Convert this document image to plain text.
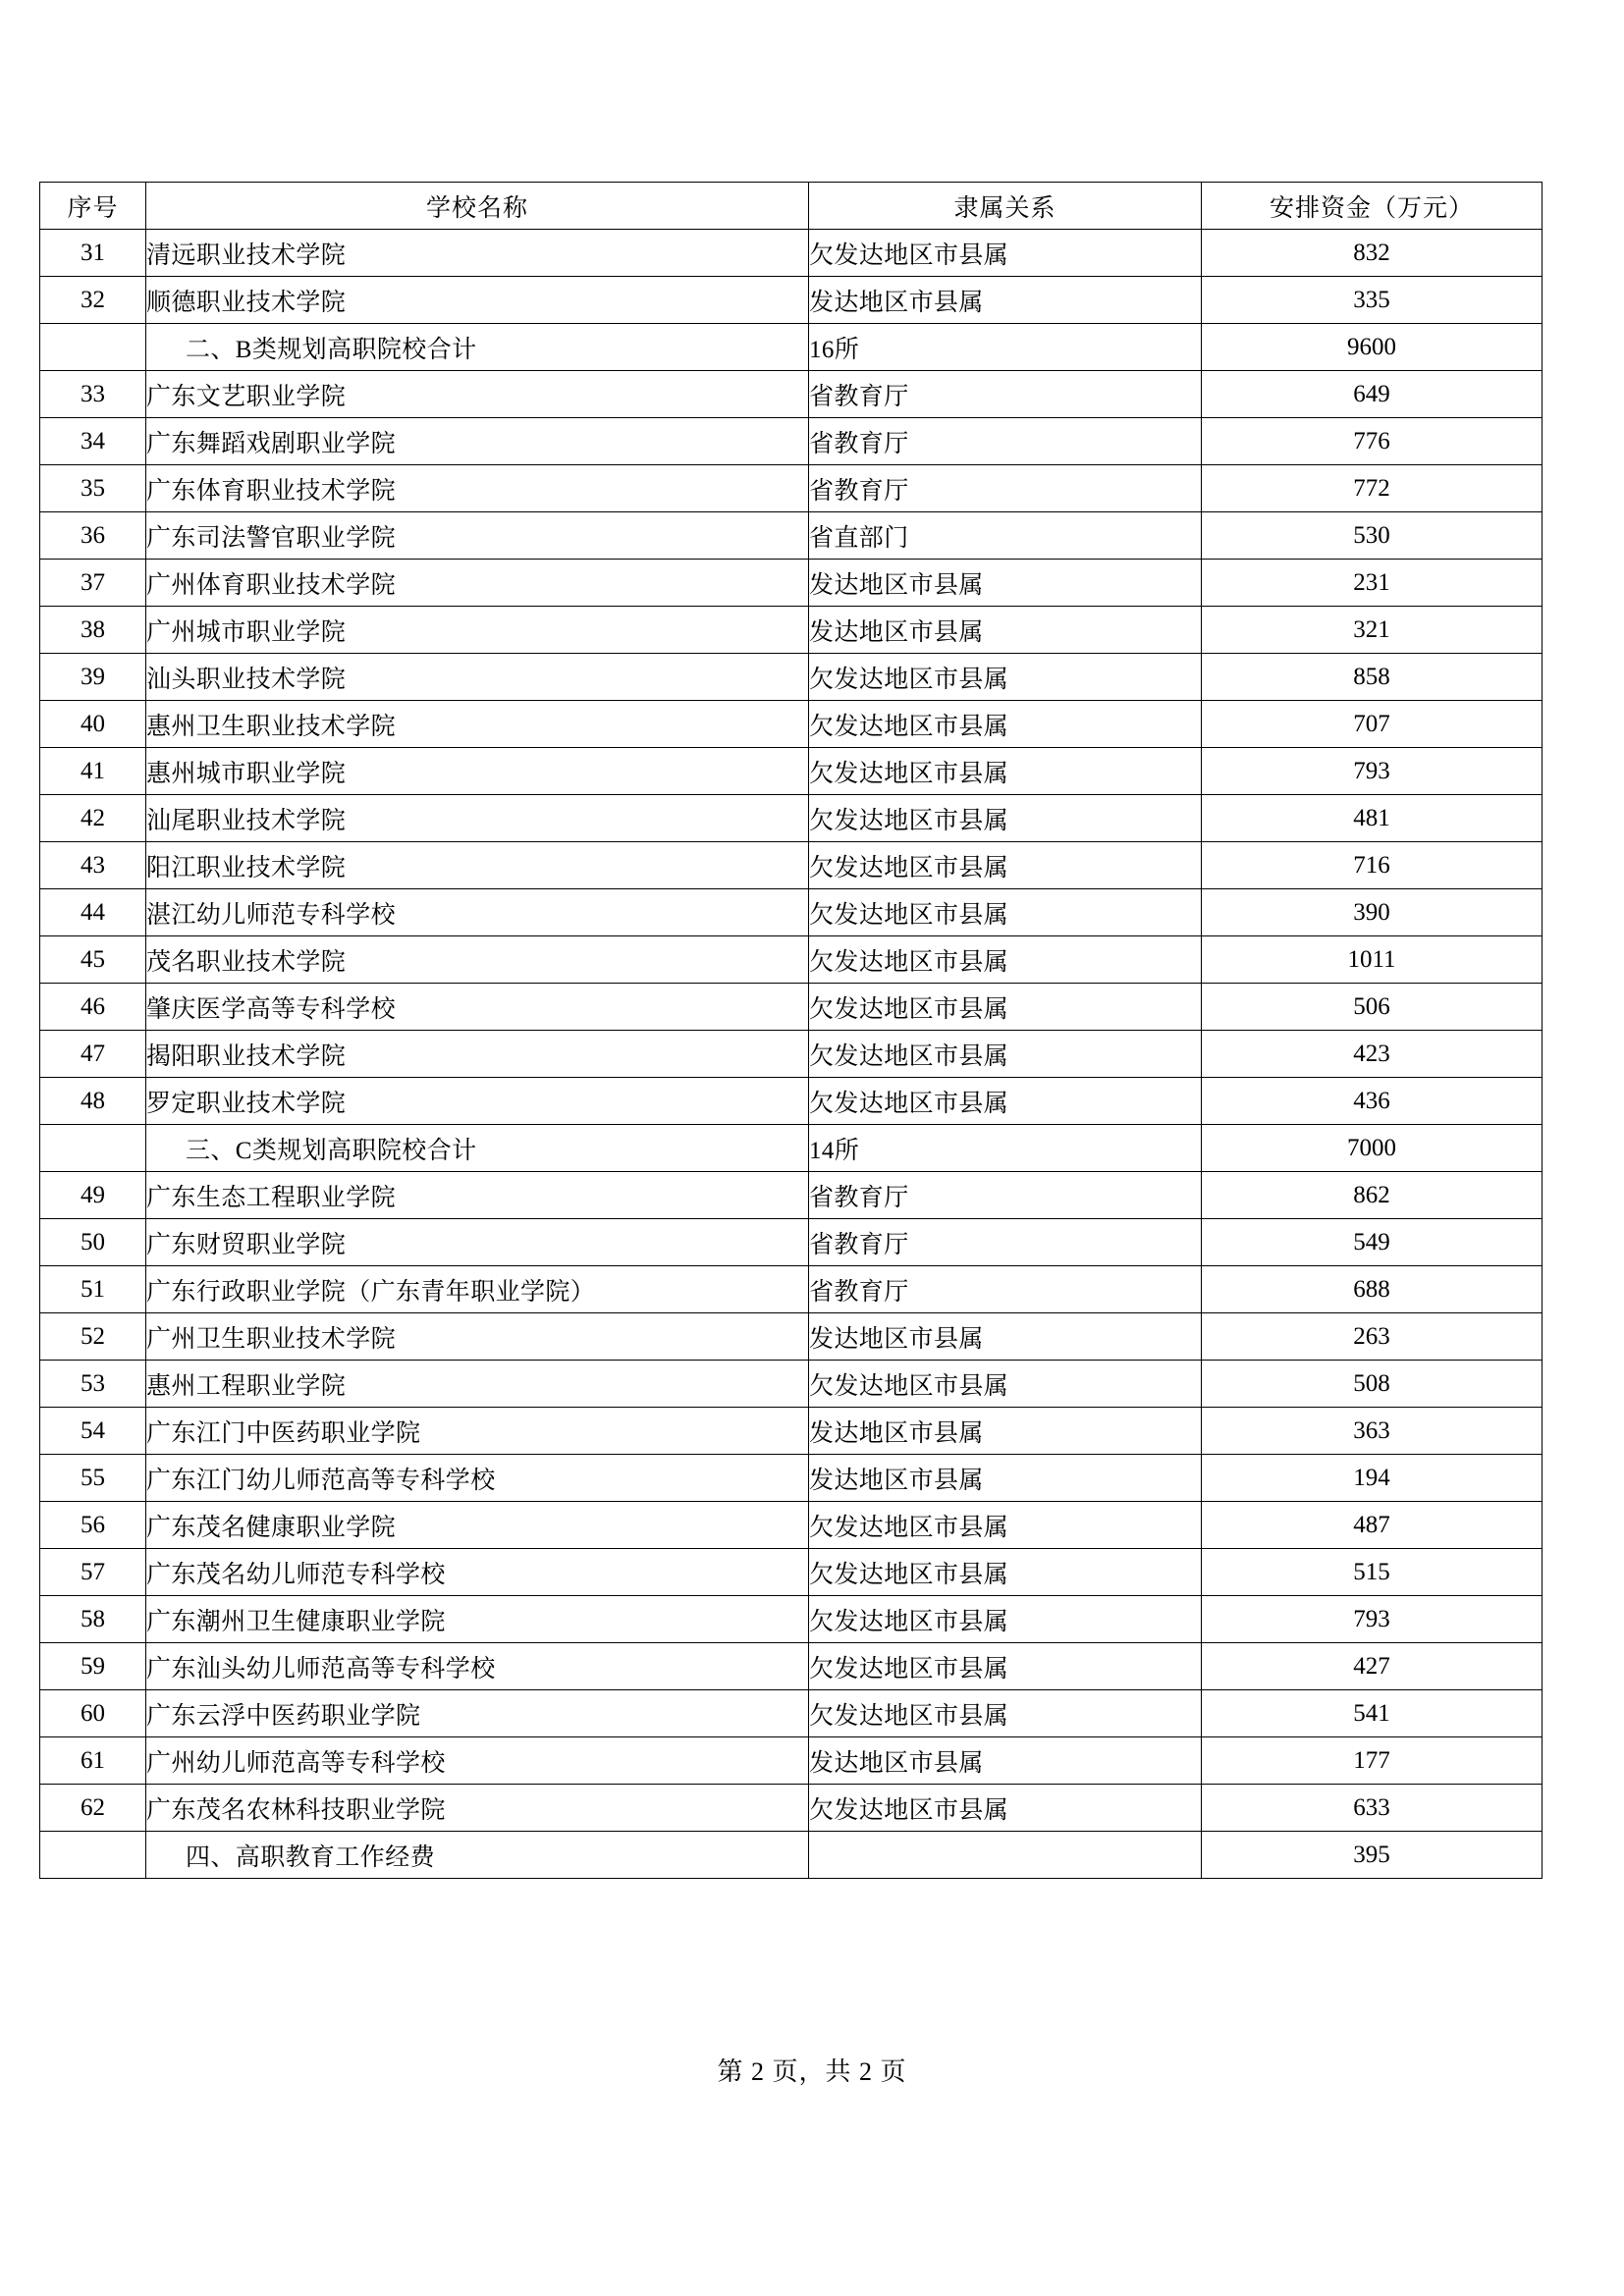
序号	学校名称	隶属关系	安排资金（万元）
31	清远职业技术学院	欠发达地区市县属	832
32	顺德职业技术学院	发达地区市县属	335
	二、B类规划高职院校合计	16所	9600
33	广东文艺职业学院	省教育厅	649
34	广东舞蹈戏剧职业学院	省教育厅	776
35	广东体育职业技术学院	省教育厅	772
36	广东司法警官职业学院	省直部门	530
37	广州体育职业技术学院	发达地区市县属	231
38	广州城市职业学院	发达地区市县属	321
39	汕头职业技术学院	欠发达地区市县属	858
40	惠州卫生职业技术学院	欠发达地区市县属	707
41	惠州城市职业学院	欠发达地区市县属	793
42	汕尾职业技术学院	欠发达地区市县属	481
43	阳江职业技术学院	欠发达地区市县属	716
44	湛江幼儿师范专科学校	欠发达地区市县属	390
45	茂名职业技术学院	欠发达地区市县属	1011
46	肇庆医学高等专科学校	欠发达地区市县属	506
47	揭阳职业技术学院	欠发达地区市县属	423
48	罗定职业技术学院	欠发达地区市县属	436
	三、C类规划高职院校合计	14所	7000
49	广东生态工程职业学院	省教育厅	862
50	广东财贸职业学院	省教育厅	549
51	广东行政职业学院（广东青年职业学院）	省教育厅	688
52	广州卫生职业技术学院	发达地区市县属	263
53	惠州工程职业学院	欠发达地区市县属	508
54	广东江门中医药职业学院	发达地区市县属	363
55	广东江门幼儿师范高等专科学校	发达地区市县属	194
56	广东茂名健康职业学院	欠发达地区市县属	487
57	广东茂名幼儿师范专科学校	欠发达地区市县属	515
58	广东潮州卫生健康职业学院	欠发达地区市县属	793
59	广东汕头幼儿师范高等专科学校	欠发达地区市县属	427
60	广东云浮中医药职业学院	欠发达地区市县属	541
61	广州幼儿师范高等专科学校	发达地区市县属	177
62	广东茂名农林科技职业学院	欠发达地区市县属	633
	四、高职教育工作经费		395
第 2 页，共 2 页
